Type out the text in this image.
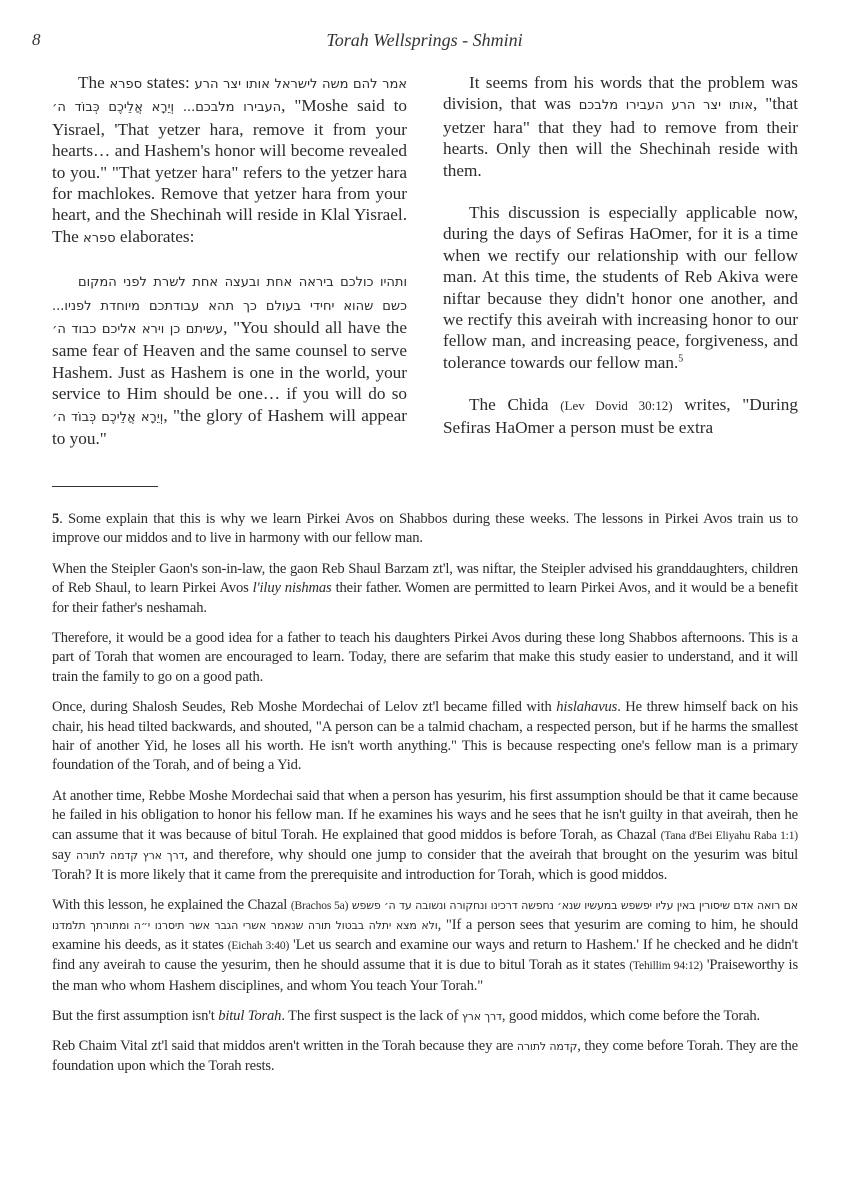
8	Torah Wellsprings - Shmini

The ספרא states: אמר להם משה לישראל אותו יצר הרע העבירו מלבכם... וְיֵרָא אֲלֵיכֶם כְּבוֹד ה׳, "Moshe said to Yisrael, 'That yetzer hara, remove it from your hearts… and Hashem's honor will become revealed to you." "That yetzer hara" refers to the yetzer hara for machlokes. Remove that yetzer hara from your heart, and the Shechinah will reside in Klal Yisrael. The ספרא elaborates:

ותהיו כולכם ביראה אחת ובעצה אחת לשרת לפני המקום כשם שהוא יחידי בעולם כך תהא עבודתכם מיוחדת לפניו... עשיתם כן וירא אליכם כבוד ה׳, "You should all have the same fear of Heaven and the same counsel to serve Hashem. Just as Hashem is one in the world, your service to Him should be one… if you will do so וְיֵרָא אֲלֵיכֶם כְּבוֹד ה׳, "the glory of Hashem will appear to you."

It seems from his words that the problem was division, that was אותו יצר הרע העבירו מלבכם, "that yetzer hara" that they had to remove from their hearts. Only then will the Shechinah reside with them.

This discussion is especially applicable now, during the days of Sefiras HaOmer, for it is a time when we rectify our relationship with our fellow man. At this time, the students of Reb Akiva were niftar because they didn't honor one another, and we rectify this aveirah with increasing honor to our fellow man, and increasing peace, forgiveness, and tolerance towards our fellow man.$^5$

The Chida (Lev Dovid 30:12) writes, "During Sefiras HaOmer a person must be extra

5. Some explain that this is why we learn Pirkei Avos on Shabbos during these weeks. The lessons in Pirkei Avos train us to improve our middos and to live in harmony with our fellow man.

When the Steipler Gaon's son-in-law, the gaon Reb Shaul Barzam zt'l, was niftar, the Steipler advised his granddaughters, children of Reb Shaul, to learn Pirkei Avos l'iluy nishmas their father. Women are permitted to learn Pirkei Avos, and it would be a benefit for their father's neshamah.

Therefore, it would be a good idea for a father to teach his daughters Pirkei Avos during these long Shabbos afternoons. This is a part of Torah that women are encouraged to learn. Today, there are sefarim that make this study easier to understand, and it will train the family to go on a good path.

Once, during Shalosh Seudes, Reb Moshe Mordechai of Lelov zt'l became filled with hislahavus. He threw himself back on his chair, his head tilted backwards, and shouted, "A person can be a talmid chacham, a respected person, but if he harms the smallest hair of another Yid, he loses all his worth. He isn't worth anything." This is because respecting one's fellow man is a primary foundation of the Torah, and of being a Yid.

At another time, Rebbe Moshe Mordechai said that when a person has yesurim, his first assumption should be that it came because he failed in his obligation to honor his fellow man. If he examines his ways and he sees that he isn't guilty in that aveirah, then he can assume that it was because of bitul Torah. He explained that good middos is before Torah, as Chazal (Tana d'Bei Eliyahu Raba 1:1) say דרך ארץ קדמה לתורה, and therefore, why should one jump to consider that the aveirah that brought on the yesurim was bitul Torah? It is more likely that it came from the prerequisite and introduction for Torah, which is good middos.

With this lesson, he explained the Chazal (Brachos 5a) אם רואה אדם שיסורין באין עליו יפשפש במעשיו שנא׳ נחפשה דרכינו ונחקורה ונשובה עד ה׳ פשפש ולא מצא יתלה בבטול תורה שנאמר אשרי הגבר אשר תיסרנו י״ה ומתורתך תלמדנו, "If a person sees that yesurim are coming to him, he should examine his deeds, as it states (Eichah 3:40) 'Let us search and examine our ways and return to Hashem.' If he checked and he didn't find any aveirah to cause the yesurim, then he should assume that it is due to bitul Torah as it states (Tehillim 94:12) 'Praiseworthy is the man who whom Hashem disciplines, and whom You teach Your Torah."

But the first assumption isn't bitul Torah. The first suspect is the lack of דרך ארץ, good middos, which come before the Torah.

Reb Chaim Vital zt'l said that middos aren't written in the Torah because they are קדמה לתורה, they come before Torah. They are the foundation upon which the Torah rests.
